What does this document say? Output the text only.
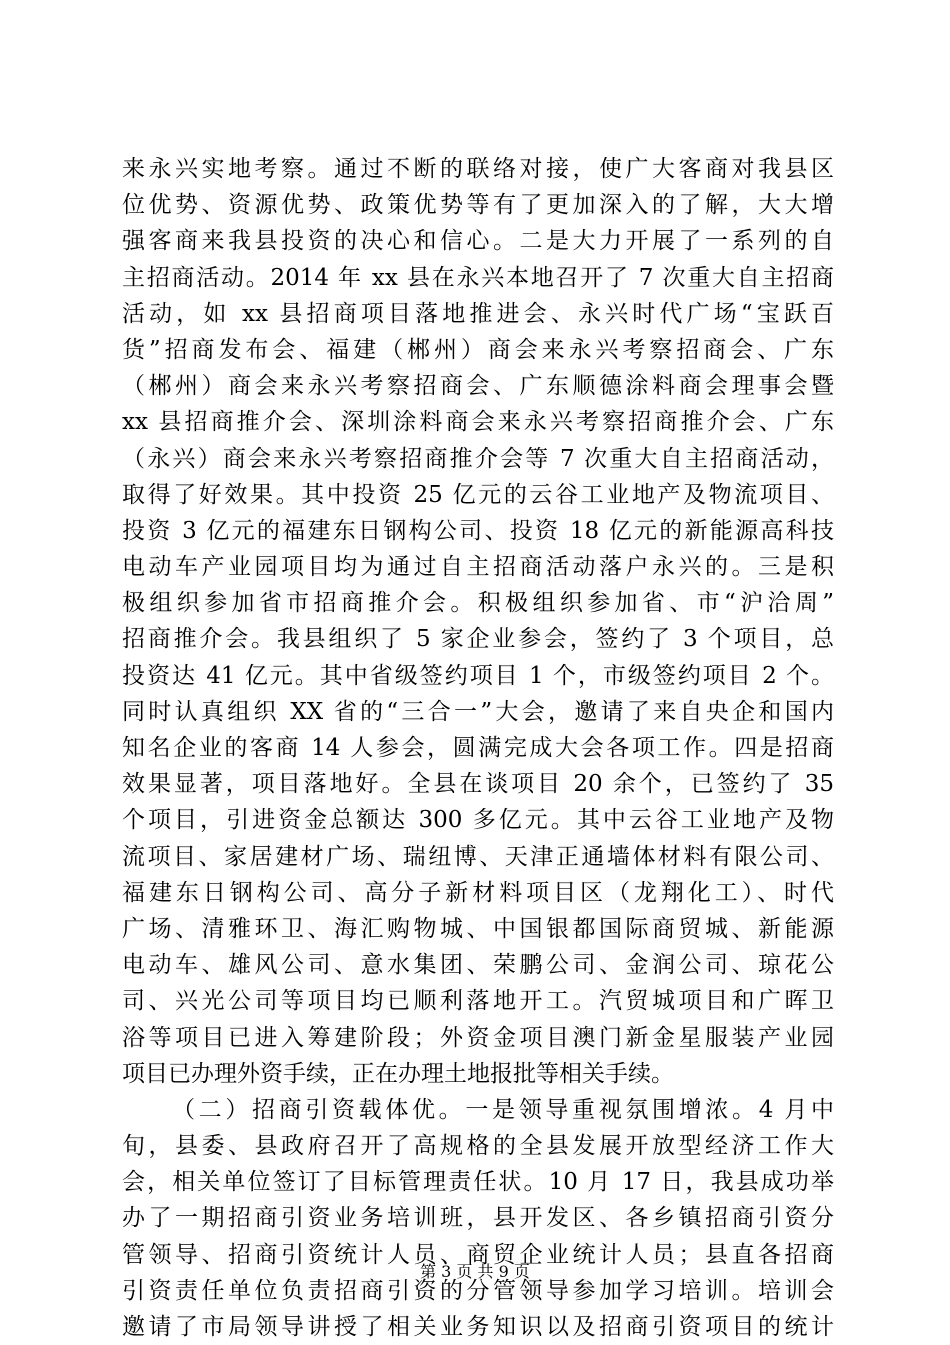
来永兴实地考察。通过不断的联络对接，使广大客商对我县区
位优势、资源优势、政策优势等有了更加深入的了解，大大增
强客商来我县投资的决心和信心。二是大力开展了一系列的自
主招商活动。2014 年 xx 县在永兴本地召开了 7 次重大自主招商
活动，如 xx 县招商项目落地推进会、永兴时代广场“宝跃百
货”招商发布会、福建（郴州）商会来永兴考察招商会、广东
（郴州）商会来永兴考察招商会、广东顺德涂料商会理事会暨
xx 县招商推介会、深圳涂料商会来永兴考察招商推介会、广东
（永兴）商会来永兴考察招商推介会等 7 次重大自主招商活动，
取得了好效果。其中投资 25 亿元的云谷工业地产及物流项目、
投资 3 亿元的福建东日钢构公司、投资 18 亿元的新能源高科技
电动车产业园项目均为通过自主招商活动落户永兴的。三是积
极组织参加省市招商推介会。积极组织参加省、市“沪洽周”
招商推介会。我县组织了 5 家企业参会，签约了 3 个项目，总
投资达 41 亿元。其中省级签约项目 1 个，市级签约项目 2 个。
同时认真组织 XX 省的“三合一”大会，邀请了来自央企和国内
知名企业的客商 14 人参会，圆满完成大会各项工作。四是招商
效果显著，项目落地好。全县在谈项目 20 余个，已签约了 35
个项目，引进资金总额达 300 多亿元。其中云谷工业地产及物
流项目、家居建材广场、瑞纽博、天津正通墙体材料有限公司、
福建东日钢构公司、高分子新材料项目区（龙翔化工）、时代
广场、清雅环卫、海汇购物城、中国银都国际商贸城、新能源
电动车、雄风公司、意水集团、荣鹏公司、金润公司、琼花公
司、兴光公司等项目均已顺利落地开工。汽贸城项目和广晖卫
浴等项目已进入筹建阶段；外资金项目澳门新金星服装产业园
项目已办理外资手续，正在办理土地报批等相关手续。
（二）招商引资载体优。一是领导重视氛围增浓。4 月中
旬，县委、县政府召开了高规格的全县发展开放型经济工作大
会，相关单位签订了目标管理责任状。10 月 17 日，我县成功举
办了一期招商引资业务培训班，县开发区、各乡镇招商引资分
管领导、招商引资统计人员、商贸企业统计人员；县直各招商
引资责任单位负责招商引资的分管领导参加学习培训。培训会
邀请了市局领导讲授了相关业务知识以及招商引资项目的统计
第 3 页 共 9 页
